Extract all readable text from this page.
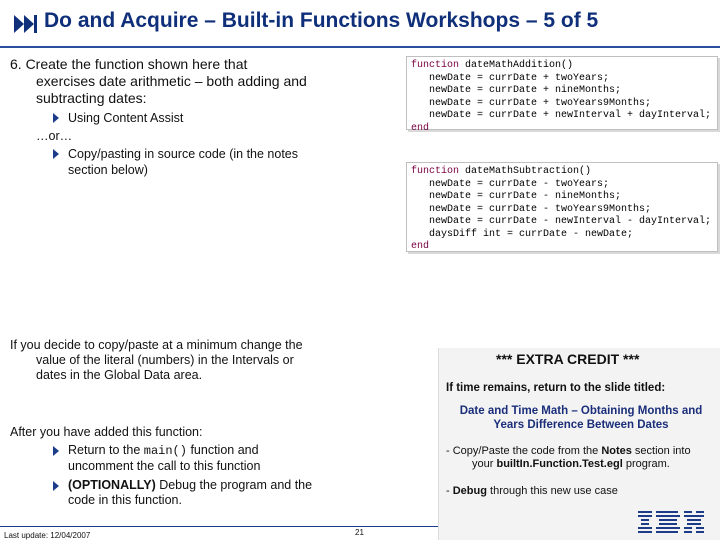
Do and Acquire – Built-in Functions Workshops – 5 of 5
6. Create the function shown here that
exercises date arithmetic – both adding and
subtracting dates:
Using Content Assist
…or…
Copy/pasting in source code (in the notes
section below)
function dateMathAddition()
newDate = currDate + twoYears;
newDate = currDate + nineMonths;
newDate = currDate + twoYears9Months;
newDate = currDate + newInterval + dayInterval;
end
function dateMathSubtraction()
newDate = currDate - twoYears;
newDate = currDate - nineMonths;
newDate = currDate - twoYears9Months;
newDate = currDate - newInterval - dayInterval;
daysDiff int = currDate - newDate;
end
If you decide to copy/paste at a minimum change the
value of the literal (numbers) in the Intervals or
dates in the Global Data area.
*** EXTRA CREDIT ***
If time remains, return to the slide titled:
Date and Time Math – Obtaining Months and
Years Difference Between Dates
- Copy/Paste the code from the Notes section into
your builtIn.Function.Test.egl program.
- Debug through this new use case
After you have added this function:
Return to the main() function and
uncomment the call to this function
(OPTIONALLY) Debug the program and the
code in this function.
Last update: 12/04/2007	21
IBM
